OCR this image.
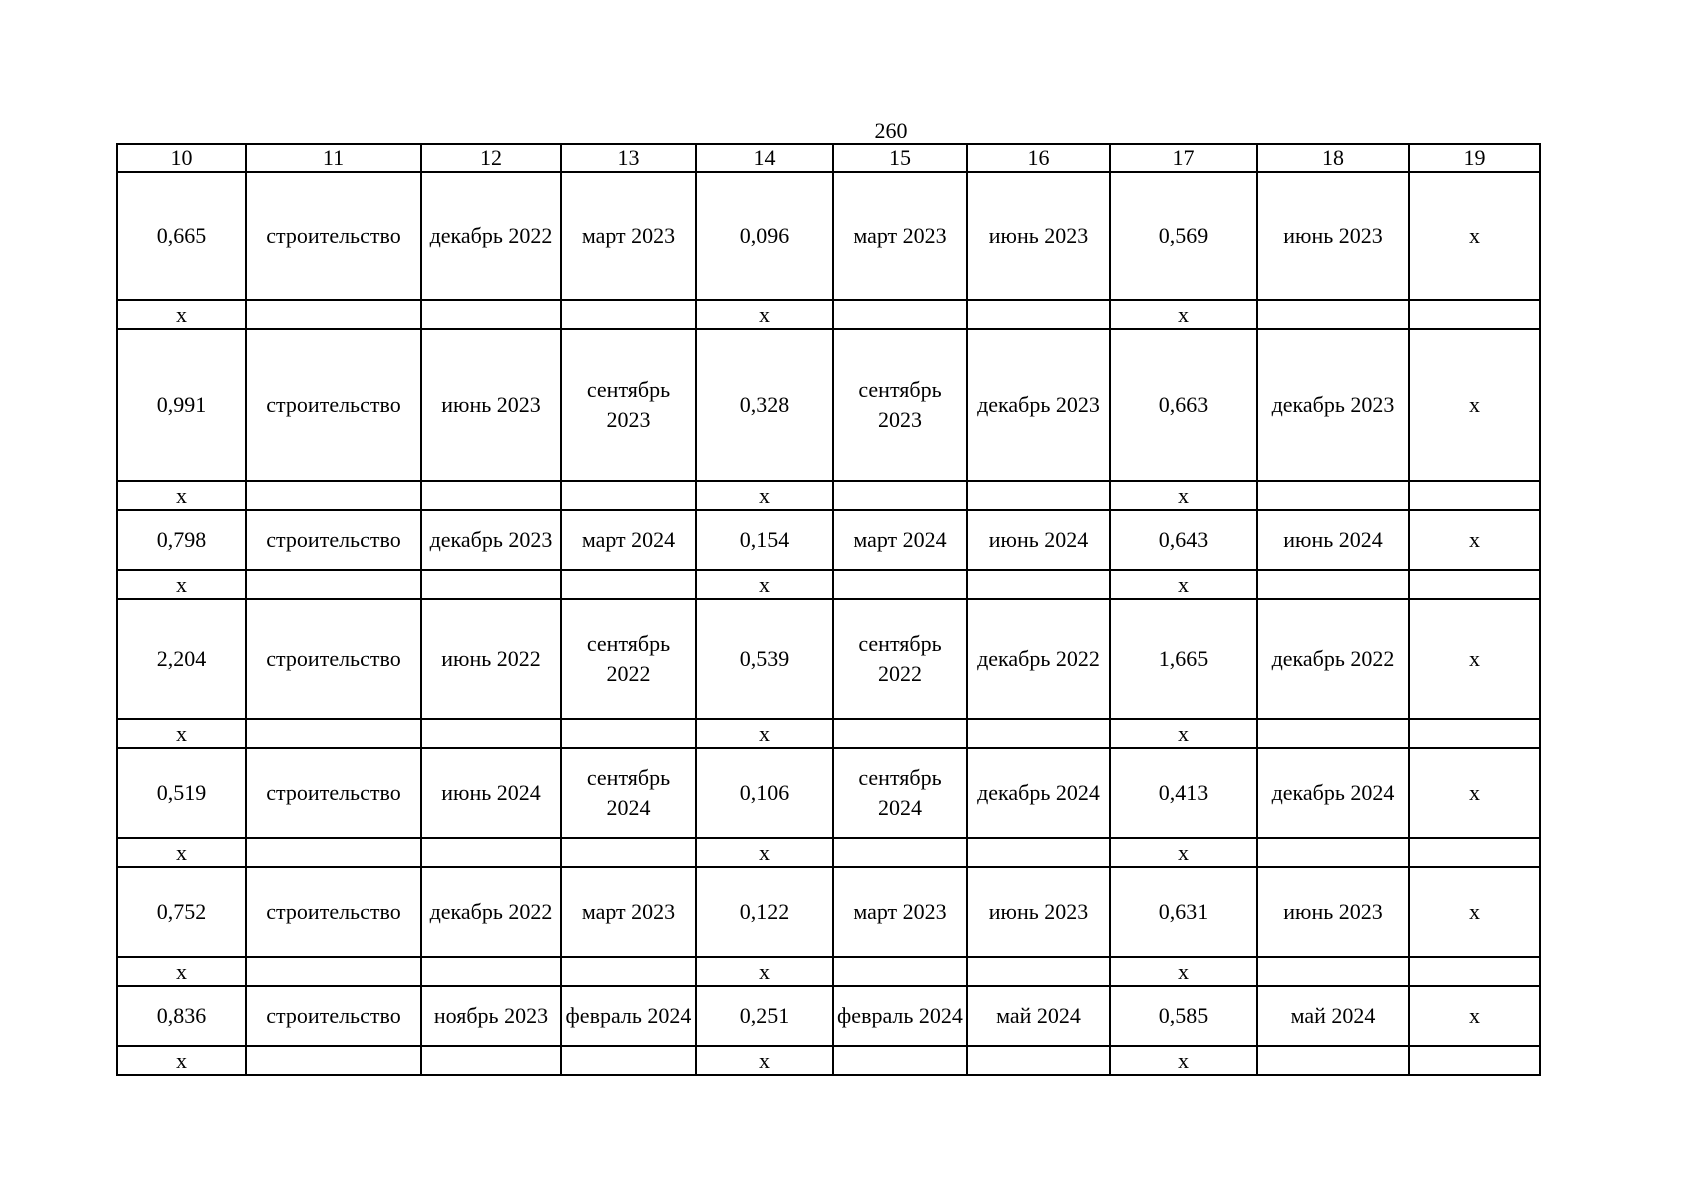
260
10	11	12	13	14	15	16	17	18	19
0,665	строительство	декабрь 2022	март 2023	0,096	март 2023	июнь 2023	0,569	июнь 2023	х
х				х			х		
0,991	строительство	июнь 2023	сентябрь 2023	0,328	сентябрь 2023	декабрь 2023	0,663	декабрь 2023	х
х				х			х		
0,798	строительство	декабрь 2023	март 2024	0,154	март 2024	июнь 2024	0,643	июнь 2024	х
х				х			х		
2,204	строительство	июнь 2022	сентябрь 2022	0,539	сентябрь 2022	декабрь 2022	1,665	декабрь 2022	х
х				х			х		
0,519	строительство	июнь 2024	сентябрь 2024	0,106	сентябрь 2024	декабрь 2024	0,413	декабрь 2024	х
х				х			х		
0,752	строительство	декабрь 2022	март 2023	0,122	март 2023	июнь 2023	0,631	июнь 2023	х
х				х			х		
0,836	строительство	ноябрь 2023	февраль 2024	0,251	февраль 2024	май 2024	0,585	май 2024	х
х				х			х		
